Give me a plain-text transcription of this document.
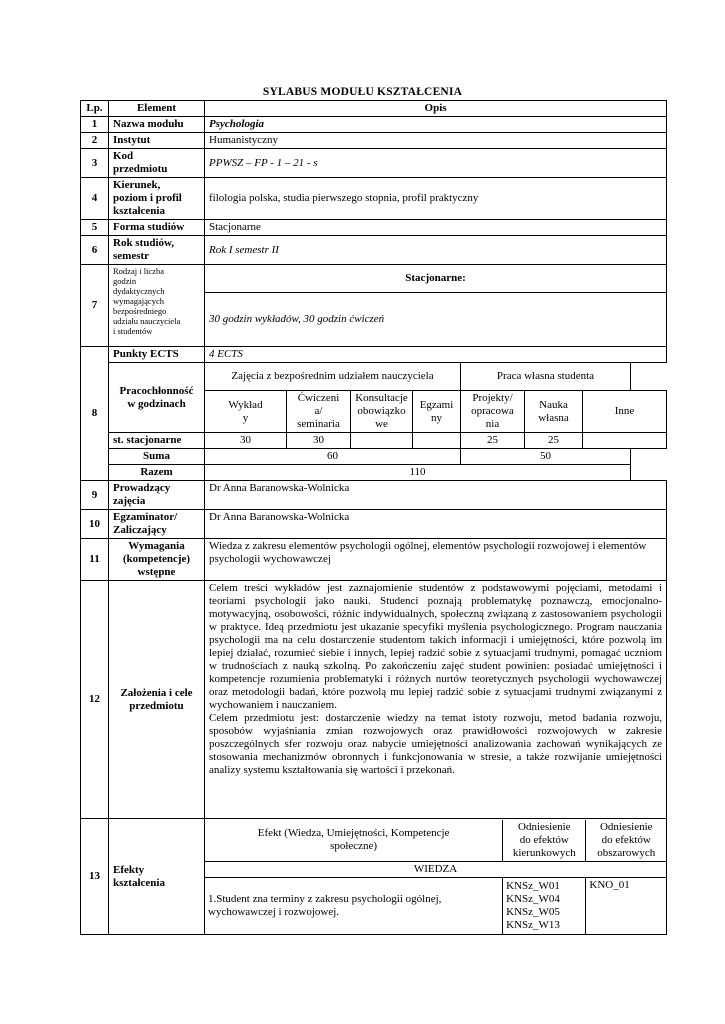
SYLABUS MODUŁU KSZTAŁCENIA
Lp.	Element	Opis
1	Nazwa modułu	Psychologia
2	Instytut	Humanistyczny
3	Kod
przedmiotu	PPWSZ – FP - 1 – 21 - s
4	Kierunek,
poziom i profil
kształcenia	filologia polska, studia pierwszego stopnia, profil praktyczny
5	Forma studiów	Stacjonarne
6	Rok studiów,
semestr	Rok I semestr II
7	Rodzaj i liczba
godzin
dydaktycznych
wymagających
bezpośredniego
udziału nauczyciela
i studentów	Stacjonarne:
30 godzin wykładów, 30 godzin ćwiczeń
8	Punkty ECTS	4 ECTS
Pracochłonność
w godzinach	Zajęcia z bezpośrednim udziałem nauczyciela	Praca własna studenta
Wykład
y	Ćwiczeni
a/
seminaria	Konsultacje
obowiązko
we	Egzami
ny	Projekty/
opracowa
nia	Nauka
własna	Inne
st. stacjonarne	30	30			25	25	
Suma	60	50
Razem	110
9	Prowadzący
zajęcia	Dr Anna Baranowska-Wolnicka
10	Egzaminator/
Zaliczający	Dr Anna Baranowska-Wolnicka
11	Wymagania
(kompetencje)
wstępne	Wiedza z zakresu elementów psychologii ogólnej, elementów psychologii rozwojowej i elementów psychologii wychowawczej
12	Założenia i cele
przedmiotu	
Celem treści wykładów jest zaznajomienie studentów z podstawowymi pojęciami, metodami i teoriami psychologii jako nauki. Studenci poznają problematykę poznawczą, emocjonalno-motywacyjną, osobowości, różnic indywidualnych, społeczną związaną z zastosowaniem psychologii w praktyce. Ideą przedmiotu jest ukazanie specyfiki myślenia psychologicznego. Program nauczania psychologii ma na celu dostarczenie studentom takich informacji i umiejętności, które pozwolą im lepiej działać, rozumieć siebie i innych, lepiej radzić sobie z sytuacjami trudnymi, pomagać uczniom w trudnościach z nauką szkolną. Po zakończeniu zajęć student powinien: posiadać umiejętności i kompetencje rozumienia problematyki i różnych nurtów teoretycznych psychologii wychowawczej oraz metodologii badań, które pozwolą mu lepiej radzić sobie z sytuacjami trudnymi związanymi z wychowaniem i nauczaniem.
Celem przedmiotu jest: dostarczenie wiedzy na temat istoty rozwoju, metod badania rozwoju, sposobów wyjaśniania zmian rozwojowych oraz prawidłowości rozwojowych w zakresie poszczególnych sfer rozwoju oraz nabycie umiejętności analizowania zachowań wynikających ze stosowania mechanizmów obronnych i funkcjonowania w stresie, a także rozwijanie umiejętności analizy systemu kształtowania się wartości i przekonań.

13	Efekty
kształcenia	
Efekt (Wiedza, Umiejętności, Kompetencje
społeczne)	Odniesienie
do efektów
kierunkowych	Odniesienie
do efektów
obszarowych
WIEDZA
1.Student zna terminy z zakresu psychologii ogólnej,
wychowawczej i rozwojowej.	KNSz_W01
KNSz_W04
KNSz_W05
KNSz_W13	KNO_01
